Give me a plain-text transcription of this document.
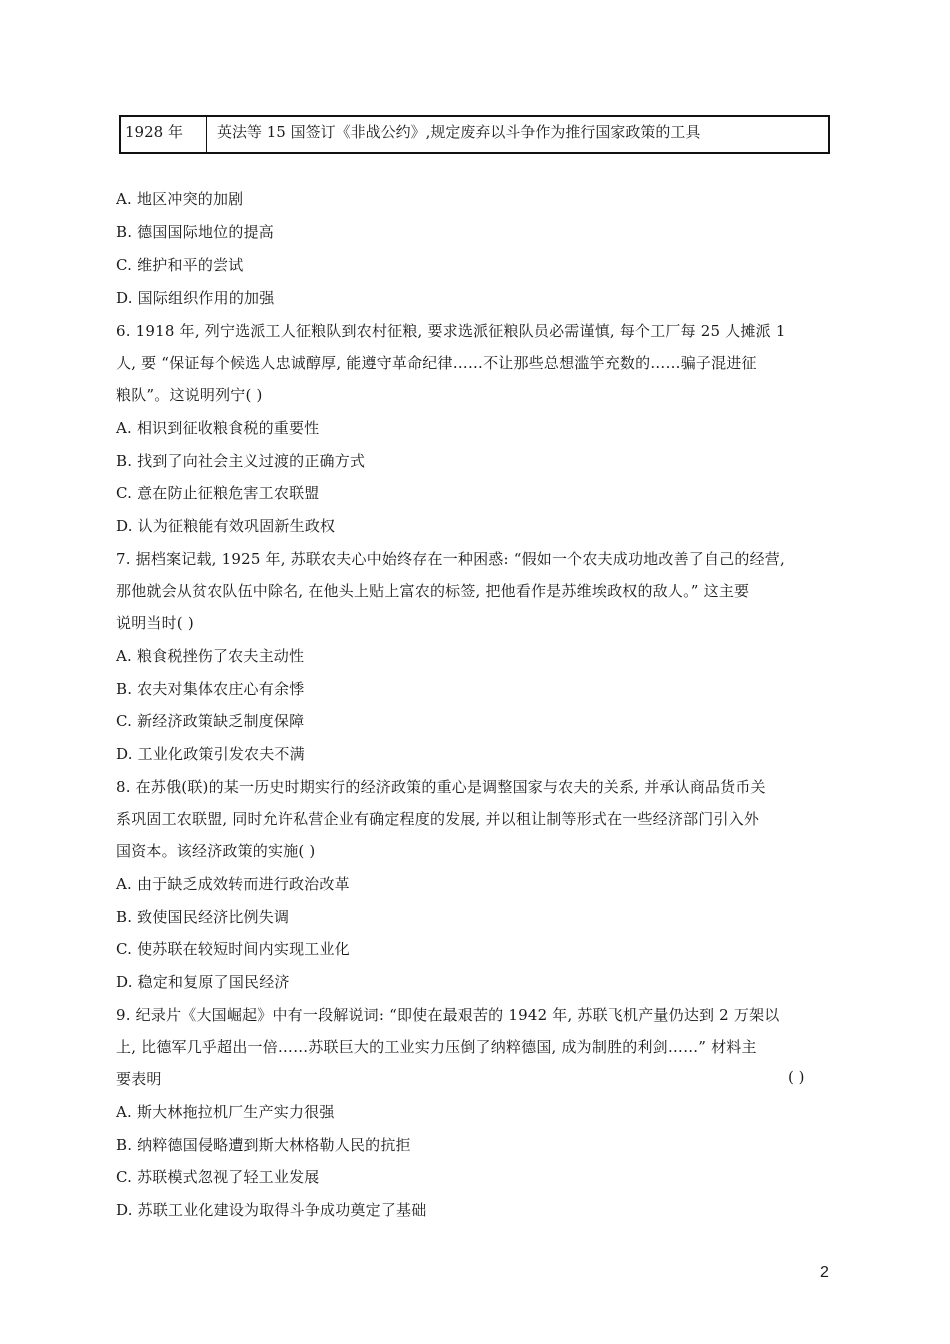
1928 年	英法等 15 国签订《非战公约》,规定废弃以斗争作为推行国家政策的工具
A. 地区冲突的加剧
B. 德国国际地位的提高
C. 维护和平的尝试
D. 国际组织作用的加强
6. 1918 年, 列宁选派工人征粮队到农村征粮, 要求选派征粮队员必需谨慎, 每个工厂每 25 人摊派 1
人, 要 “保证每个候选人忠诚醇厚, 能遵守革命纪律……不让那些总想滥竽充数的……骗子混进征
粮队”。这说明列宁( )
A. 相识到征收粮食税的重要性
B. 找到了向社会主义过渡的正确方式
C. 意在防止征粮危害工农联盟
D. 认为征粮能有效巩固新生政权
7. 据档案记载, 1925 年, 苏联农夫心中始终存在一种困惑: “假如一个农夫成功地改善了自己的经营,
那他就会从贫农队伍中除名, 在他头上贴上富农的标签, 把他看作是苏维埃政权的敌人。” 这主要
说明当时( )
A. 粮食税挫伤了农夫主动性
B. 农夫对集体农庄心有余悸
C. 新经济政策缺乏制度保障
D. 工业化政策引发农夫不满
8. 在苏俄(联)的某一历史时期实行的经济政策的重心是调整国家与农夫的关系, 并承认商品货币关
系巩固工农联盟, 同时允许私营企业有确定程度的发展, 并以租让制等形式在一些经济部门引入外
国资本。该经济政策的实施( )
A. 由于缺乏成效转而进行政治改革
B. 致使国民经济比例失调
C. 使苏联在较短时间内实现工业化
D. 稳定和复原了国民经济
9. 纪录片《大国崛起》中有一段解说词: “即使在最艰苦的 1942 年, 苏联飞机产量仍达到 2 万架以
上, 比德军几乎超出一倍……苏联巨大的工业实力压倒了纳粹德国, 成为制胜的利剑……” 材料主
要表明	( )
A. 斯大林拖拉机厂生产实力很强
B. 纳粹德国侵略遭到斯大林格勒人民的抗拒
C. 苏联模式忽视了轻工业发展
D. 苏联工业化建设为取得斗争成功奠定了基础
2
